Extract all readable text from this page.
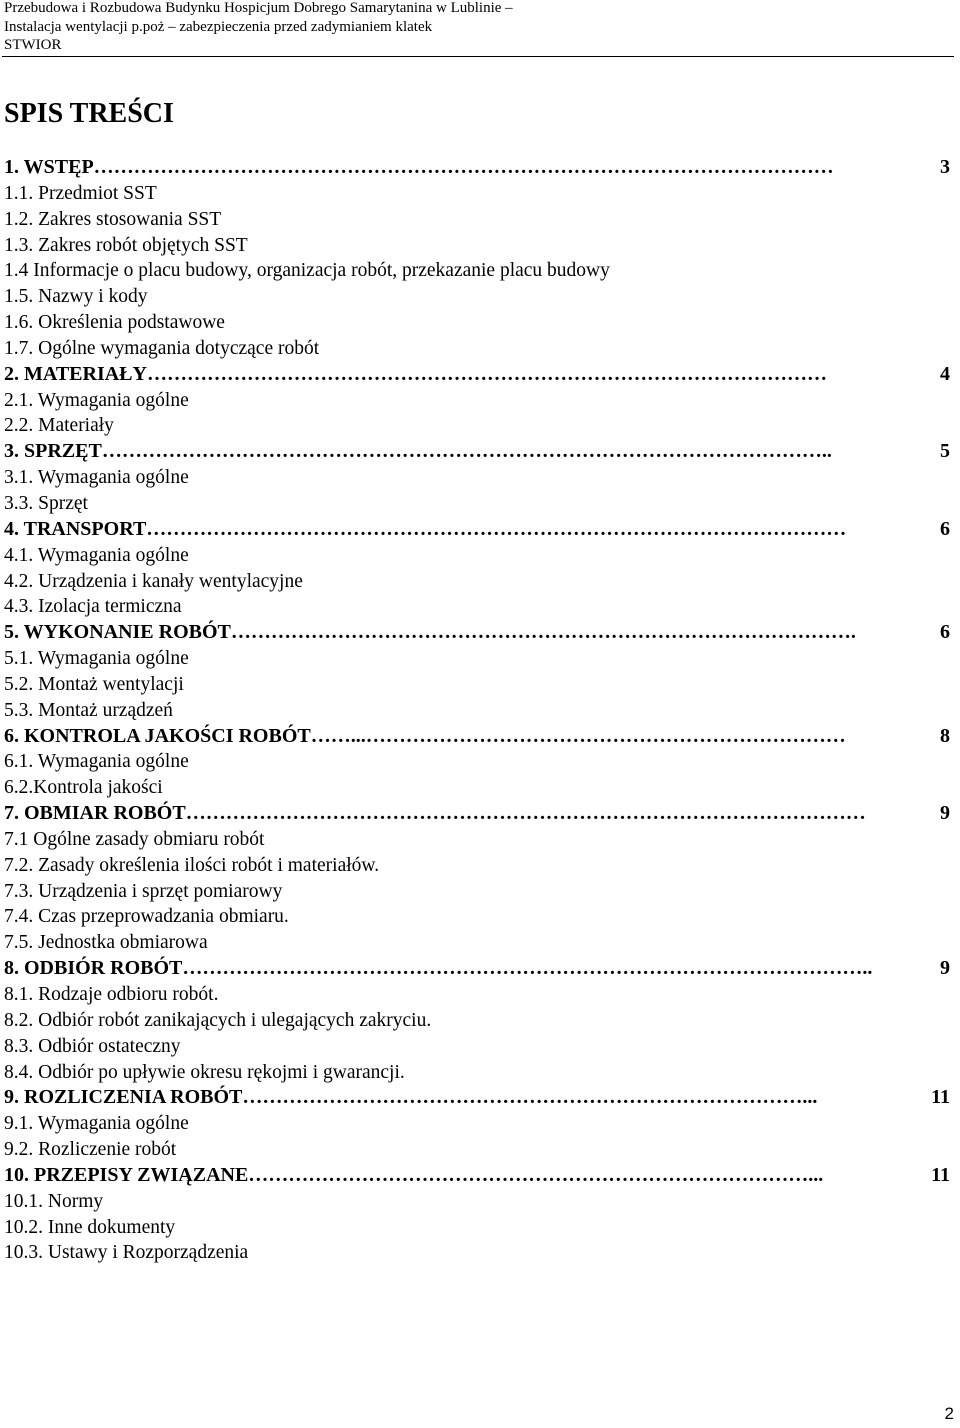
Przebudowa i Rozbudowa Budynku Hospicjum Dobrego Samarytanina w Lublinie –
Instalacja wentylacji p.poż – zabezpieczenia przed zadymianiem klatek
STWIOR
SPIS TREŚCI
1. WSTĘP …………………………………………………………………………………………………	3
1.1. Przedmiot SST
1.2. Zakres stosowania SST
1.3. Zakres robót objętych SST
1.4 Informacje o placu budowy, organizacja robót, przekazanie placu budowy
1.5. Nazwy i kody
1.6. Określenia podstawowe
1.7. Ogólne wymagania dotyczące robót
2. MATERIAŁY …………………………………………………………………………………………	4
2.1. Wymagania ogólne
2.2. Materiały
3. SPRZĘT ………………………………………………………………………………………………..	5
3.1. Wymagania ogólne
3.3. Sprzęt
4. TRANSPORT ……………………………………………………………………………………………	6
4.1. Wymagania ogólne
4.2. Urządzenia i kanały wentylacyjne
4.3. Izolacja termiczna
5. WYKONANIE ROBÓT ………………………………………………………………………………….	6
5.1. Wymagania ogólne
5.2. Montaż wentylacji
5.3. Montaż urządzeń
6. KONTROLA JAKOŚCI ROBÓT ……...………………………………………………………………	8
6.1. Wymagania ogólne
6.2.Kontrola jakości
7. OBMIAR ROBÓT …………………………………………………………………………………………	9
7.1 Ogólne zasady obmiaru robót
7.2. Zasady określenia ilości robót i materiałów.
7.3. Urządzenia i sprzęt pomiarowy
7.4. Czas przeprowadzania obmiaru.
7.5. Jednostka obmiarowa
8. ODBIÓR ROBÓT …………………………………………………………………………………………..	9
8.1. Rodzaje odbioru robót.
8.2. Odbiór robót zanikających i ulegających zakryciu.
8.3. Odbiór ostateczny
8.4. Odbiór po upływie okresu rękojmi i gwarancji.
9. ROZLICZENIA ROBÓT …………………………………………………………………………...	11
9.1. Wymagania ogólne
9.2. Rozliczenie robót
10. PRZEPISY ZWIĄZANE …………………………………………………………………………...	11
10.1. Normy
10.2. Inne dokumenty
10.3. Ustawy i Rozporządzenia
2
